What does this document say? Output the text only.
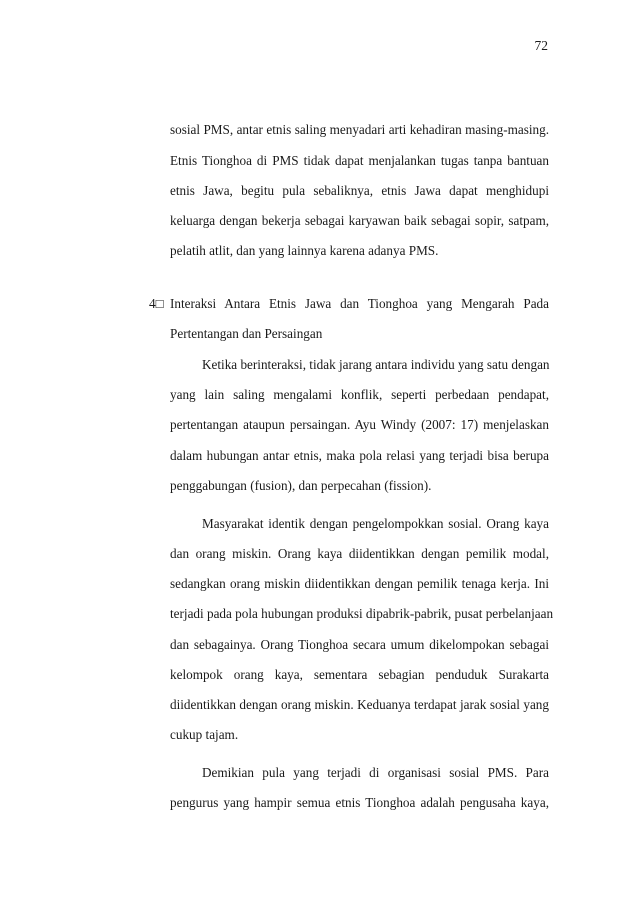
72
sosial PMS, antar etnis saling menyadari arti kehadiran masing-masing.
Etnis Tionghoa di PMS tidak dapat menjalankan tugas tanpa bantuan
etnis Jawa, begitu pula sebaliknya, etnis Jawa dapat menghidupi
keluarga dengan bekerja sebagai karyawan baik sebagai sopir, satpam,
pelatih atlit, dan yang lainnya karena adanya PMS.
4□ Interaksi Antara Etnis Jawa dan Tionghoa yang Mengarah Pada
Pertentangan dan Persaingan
Ketika berinteraksi, tidak jarang antara individu yang satu dengan
yang lain saling mengalami konflik, seperti perbedaan pendapat,
pertentangan ataupun persaingan. Ayu Windy (2007: 17) menjelaskan
dalam hubungan antar etnis, maka pola relasi yang terjadi bisa berupa
penggabungan (fusion), dan perpecahan (fission).
Masyarakat identik dengan pengelompokkan sosial. Orang kaya
dan orang miskin. Orang kaya diidentikkan dengan pemilik modal,
sedangkan orang miskin diidentikkan dengan pemilik tenaga kerja. Ini
terjadi pada pola hubungan produksi dipabrik-pabrik, pusat perbelanjaan
dan sebagainya. Orang Tionghoa secara umum dikelompokan sebagai
kelompok orang kaya, sementara sebagian penduduk Surakarta
diidentikkan dengan orang miskin. Keduanya terdapat jarak sosial yang
cukup tajam.
Demikian pula yang terjadi di organisasi sosial PMS. Para
pengurus yang hampir semua etnis Tionghoa adalah pengusaha kaya,
